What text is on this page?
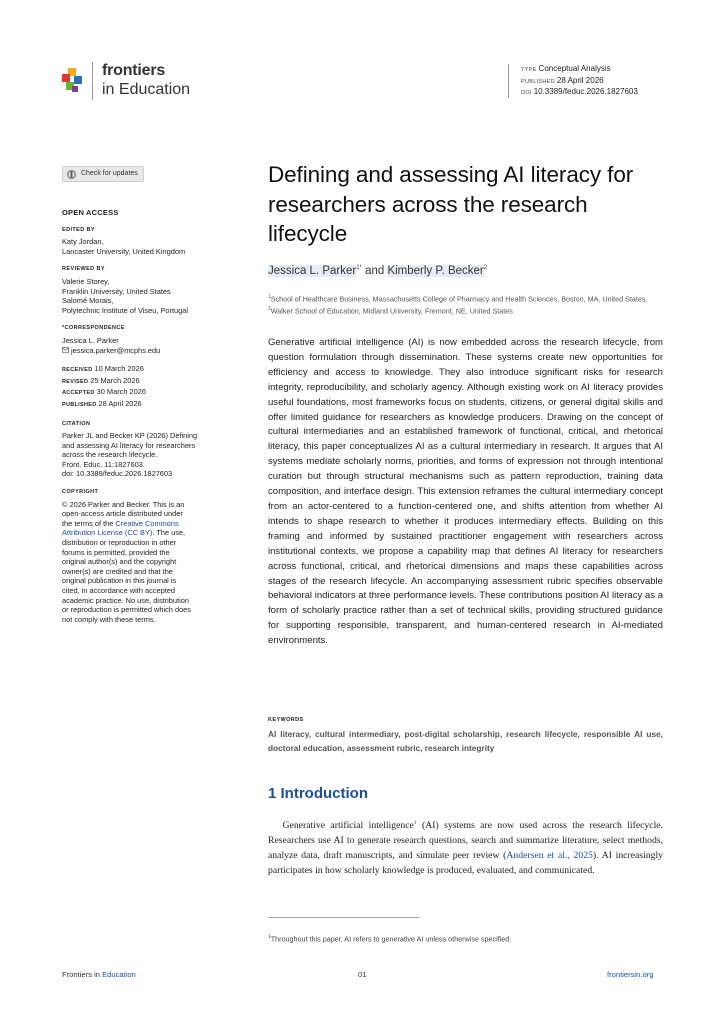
frontiers
in Education
TYPE Conceptual Analysis
PUBLISHED 28 April 2026
DOI 10.3389/feduc.2026.1827603
Check for updates
OPEN ACCESS
EDITED BY

Katy Jordan,

Lancaster University, United Kingdom

REVIEWED BY

Valerie Storey,

Franklin University, United States

Salomé Morais,

Polytechnic Institute of Viseu, Portugal

*CORRESPONDENCE

Jessica L. Parker

jessica.parker@mcphs.edu

RECEIVED 10 March 2026
REVISED 25 March 2026
ACCEPTED 30 March 2026
PUBLISHED 28 April 2026
CITATION

Parker JL and Becker KP (2026) Defining

and assessing AI literacy for researchers

across the research lifecycle.

Front. Educ. 11:1827603.

doi: 10.3389/feduc.2026.1827603

COPYRIGHT

© 2026 Parker and Becker. This is an

open-access article distributed under

the terms of the Creative Commons

Attribution License (CC BY). The use,

distribution or reproduction in other

forums is permitted, provided the

original author(s) and the copyright

owner(s) are credited and that the

original publication in this journal is

cited, in accordance with accepted

academic practice. No use, distribution

or reproduction is permitted which does

not comply with these terms.

Defining and assessing AI literacy for researchers across the research lifecycle
Jessica L. Parker$^{1*}$ and Kimberly P. Becker$^2$
$^1$School of Healthcare Business, Massachusetts College of Pharmacy and Health Sciences, Boston, MA, United States, $^2$Walker School of Education, Midland University, Fremont, NE, United States
Generative artificial intelligence (AI) is now embedded across the research lifecycle, from question formulation through dissemination. These systems create new opportunities for efficiency and access to knowledge. They also introduce significant risks for research integrity, reproducibility, and scholarly agency. Although existing work on AI literacy provides useful foundations, most frameworks focus on students, citizens, or general digital skills and offer limited guidance for researchers as knowledge producers. Drawing on the concept of cultural intermediaries and an established framework of functional, critical, and rhetorical literacy, this paper conceptualizes AI as a cultural intermediary in research. It argues that AI systems mediate scholarly norms, priorities, and forms of expression not through intentional curation but through structural mechanisms such as pattern reproduction, training data composition, and interface design. This extension reframes the cultural intermediary concept from an actor-centered to a function-centered one, and shifts attention from whether AI intends to shape research to whether it produces intermediary effects. Building on this framing and informed by sustained practitioner engagement with researchers across institutional contexts, we propose a capability map that defines AI literacy for researchers across functional, critical, and rhetorical dimensions and maps these capabilities across stages of the research lifecycle. An accompanying assessment rubric specifies observable behavioral indicators at three performance levels. These contributions position AI literacy as a form of scholarly practice rather than a set of technical skills, providing structured guidance for supporting responsible, transparent, and human-centered research in AI-mediated environments.
KEYWORDS
AI literacy, cultural intermediary, post-digital scholarship, research lifecycle, responsible AI use, doctoral education, assessment rubric, research integrity
1 Introduction
  Generative artificial intelligence$^1$ (AI) systems are now used across the research lifecycle. Researchers use AI to generate research questions, search and summarize literature, select methods, analyze data, draft manuscripts, and simulate peer review (Andersen et al., 2025). AI increasingly participates in how scholarly knowledge is produced, evaluated, and communicated.
$^1$Throughout this paper, AI refers to generative AI unless otherwise specified.
Frontiers in Education	01	frontiersin.org
